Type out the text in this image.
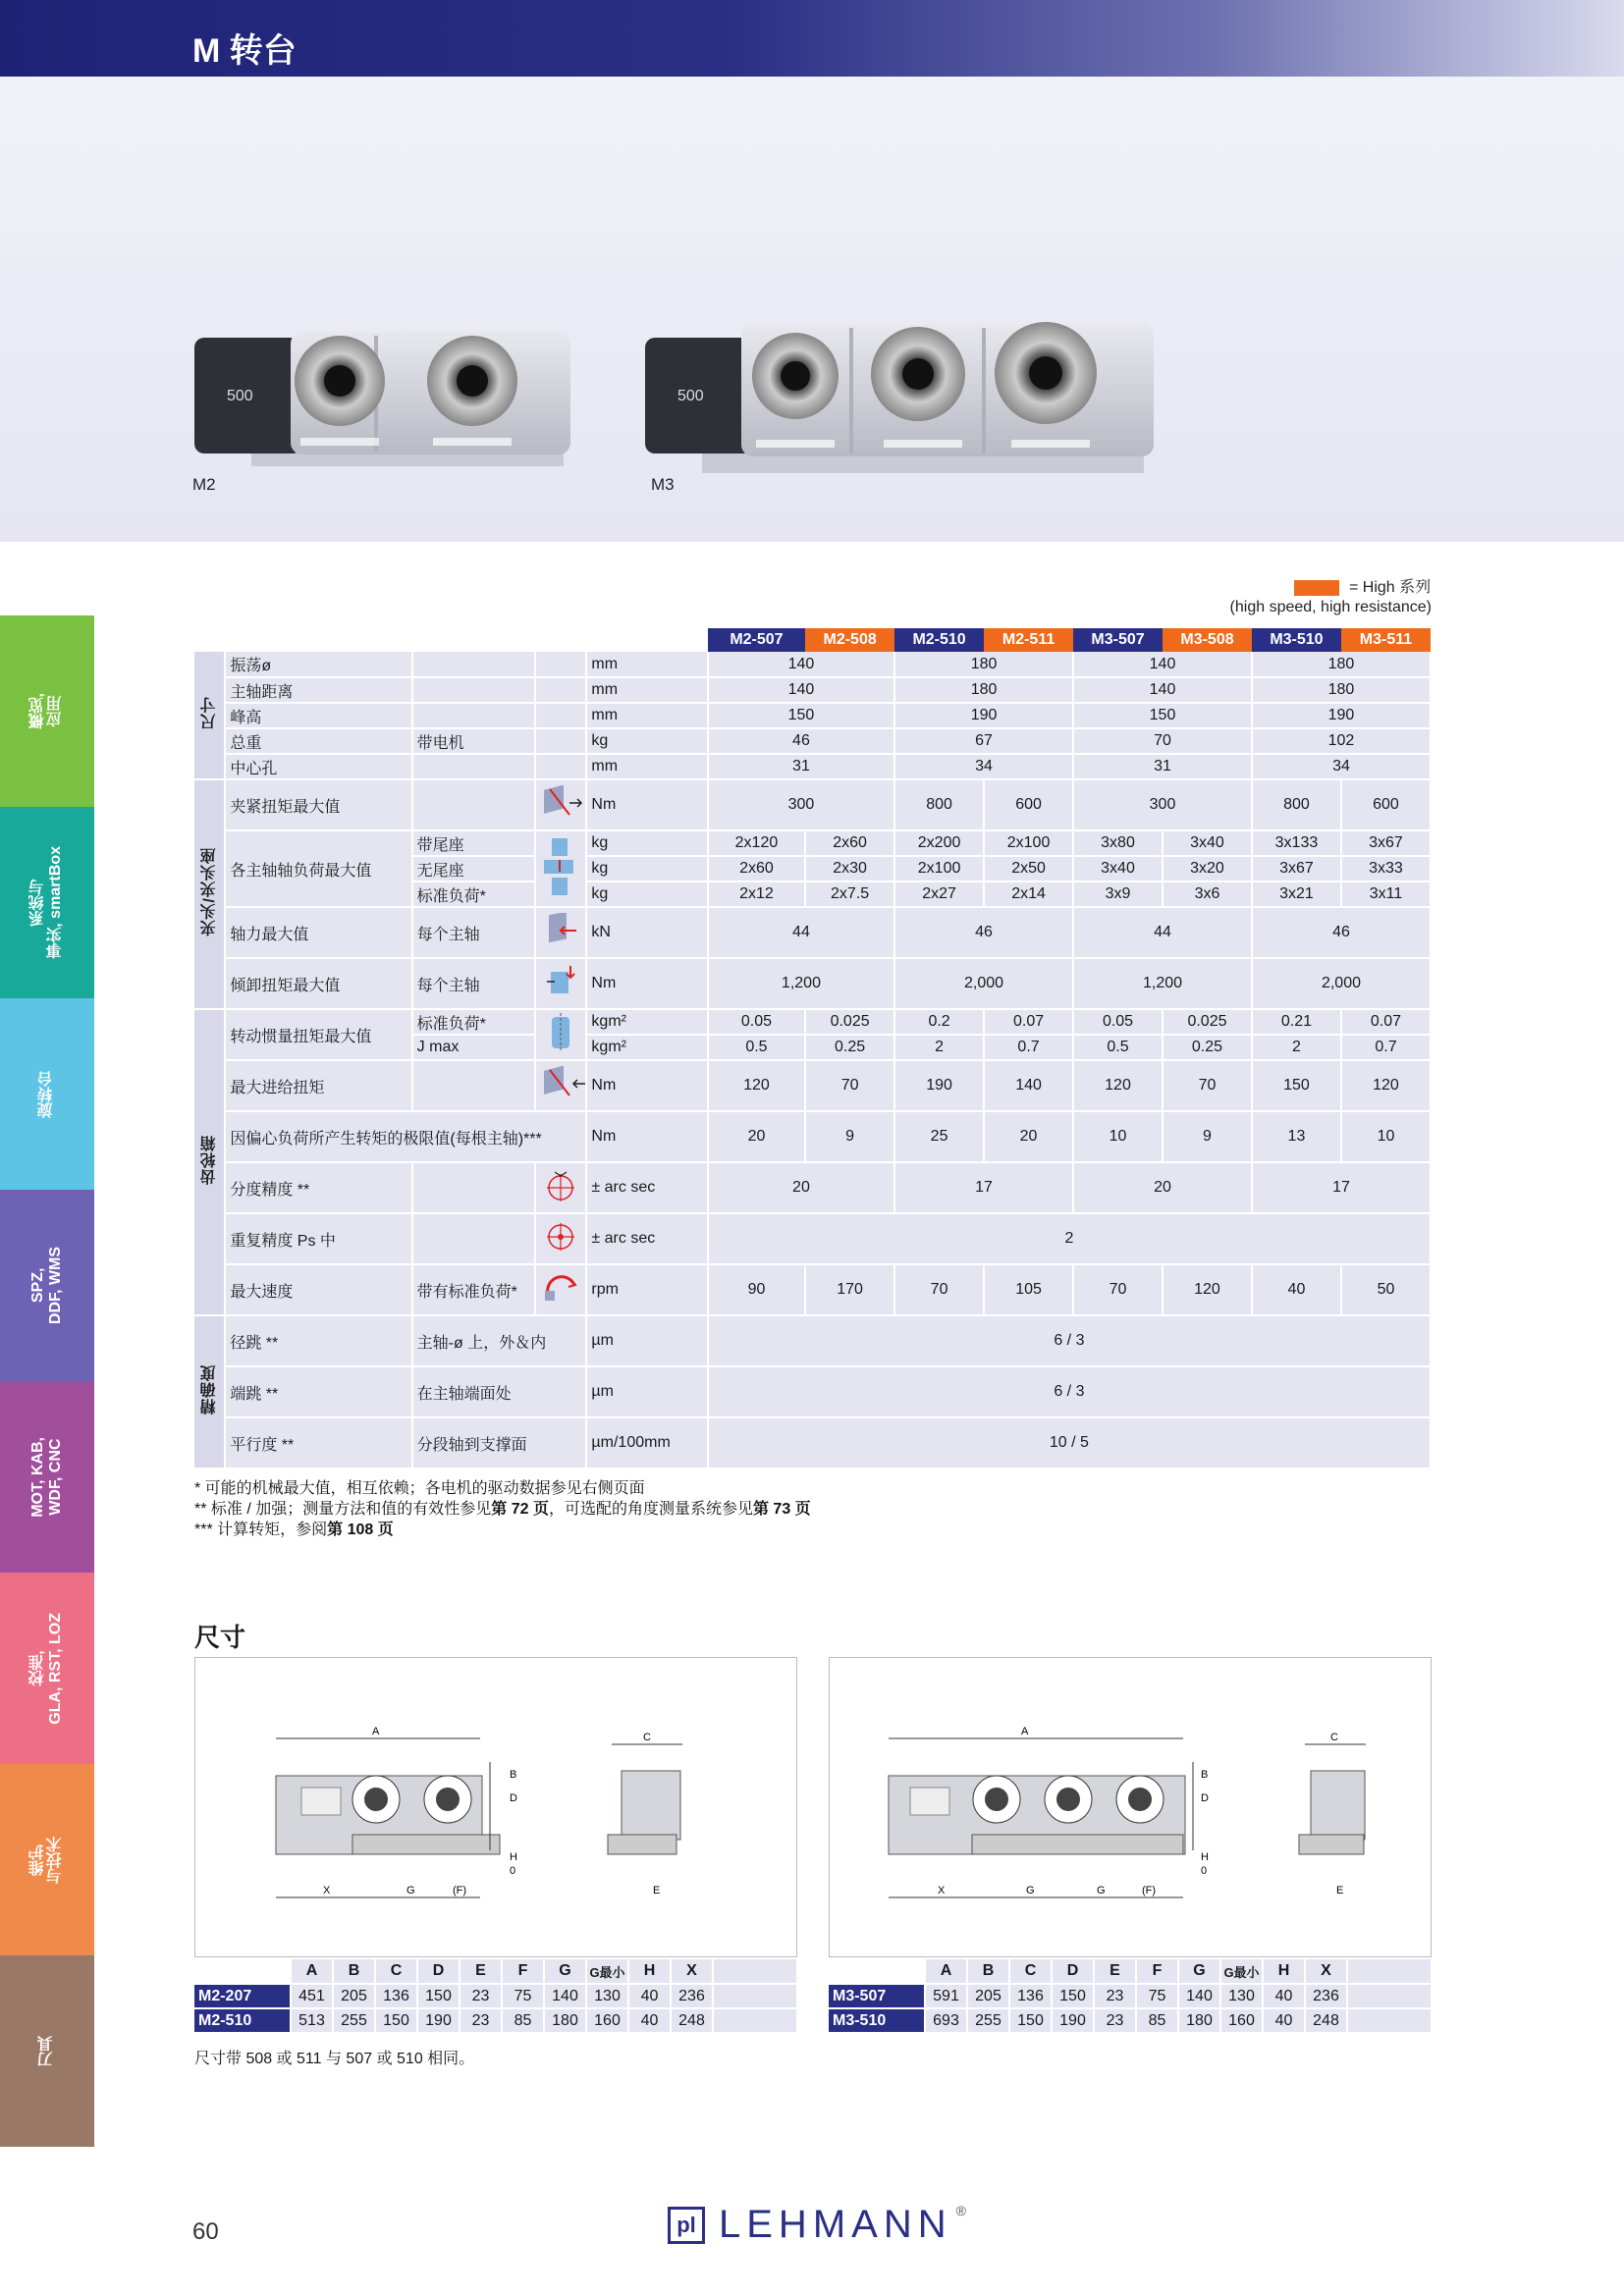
M 转台
500
M2
500
M3
= High 系列
(high speed, high resistance)
					M2-507	M2-508	M2-510	M2-511	M3-507	M3-508	M3-510	M3-511
尺寸	振荡ø			mm	140		180		140		180	
	主轴距离			mm	140		180		140		180	
	峰高			mm	150		190		150		190	
	总重	带电机		kg	46		67		70		102	
	中心孔			mm	31		34		31		34	
夹头/夹头座	夹紧扭矩最大值			Nm	300		800	600	300		800	600
	各主轴轴负荷最大值	带尾座		kg	2x120	2x60	2x200	2x100	3x80	3x40	3x133	3x67
		无尾座		kg	2x60	2x30	2x100	2x50	3x40	3x20	3x67	3x33
		标准负荷*		kg	2x12	2x7.5	2x27	2x14	3x9	3x6	3x21	3x11
	轴力最大值	每个主轴		kN	44		46		44		46	
	倾卸扭矩最大值	每个主轴		Nm	1,200		2,000		1,200		2,000	
齿轮箱	转动惯量扭矩最大值	标准负荷*		kgm²	0.05	0.025	0.2	0.07	0.05	0.025	0.21	0.07
		J max		kgm²	0.5	0.25	2	0.7	0.5	0.25	2	0.7
	最大进给扭矩			Nm	120	70	190	140	120	70	150	120
	因偏心负荷所产生转矩的极限值(每根主轴)***			Nm	20	9	25	20	10	9	13	10
	分度精度 **			± arc sec	20		17		20		17	
	重复精度 Ps 中			± arc sec	2							
	最大速度	带有标准负荷*		rpm	90	170	70	105	70	120	40	50
精确度	径跳 **	主轴-ø 上，外＆内		µm	6 / 3							
	端跳 **	在主轴端面处		µm	6 / 3							
	平行度 **	分段轴到支撑面		µm/100mm	10 / 5							
* 可能的机械最大值，相互依赖；各电机的驱动数据参见右侧页面
** 标准 / 加强；测量方法和值的有效性参见第 72 页，可选配的角度测量系统参见第 73 页
*** 计算转矩，参阅第 108 页
尺寸
A
B
D
H
0
X	G	(F)
C
E
A
B
D
H
0
X	G	G	(F)
C
E
	A	B	C	D	E	F	G	G最小	H	X	
M2-207	451	205	136	150	23	75	140	130	40	236	
M2-510	513	255	150	190	23	85	180	160	40	248	
	A	B	C	D	E	F	G	G最小	H	X	
M3-507	591	205	136	150	23	75	140	130	40	236	
M3-510	693	255	150	190	23	85	180	160	40	248	
尺寸带 508 或 511 与 507 或 510 相同。
概览,
应用
系统与
事实, smartBox
旋转台
SPZ,
DDF, WMS
MOT, KAB,
WDF, CNC
校准,
GLA, RST, LOZ
维护
与技术
刀具
60	pl LEHMANN ®
